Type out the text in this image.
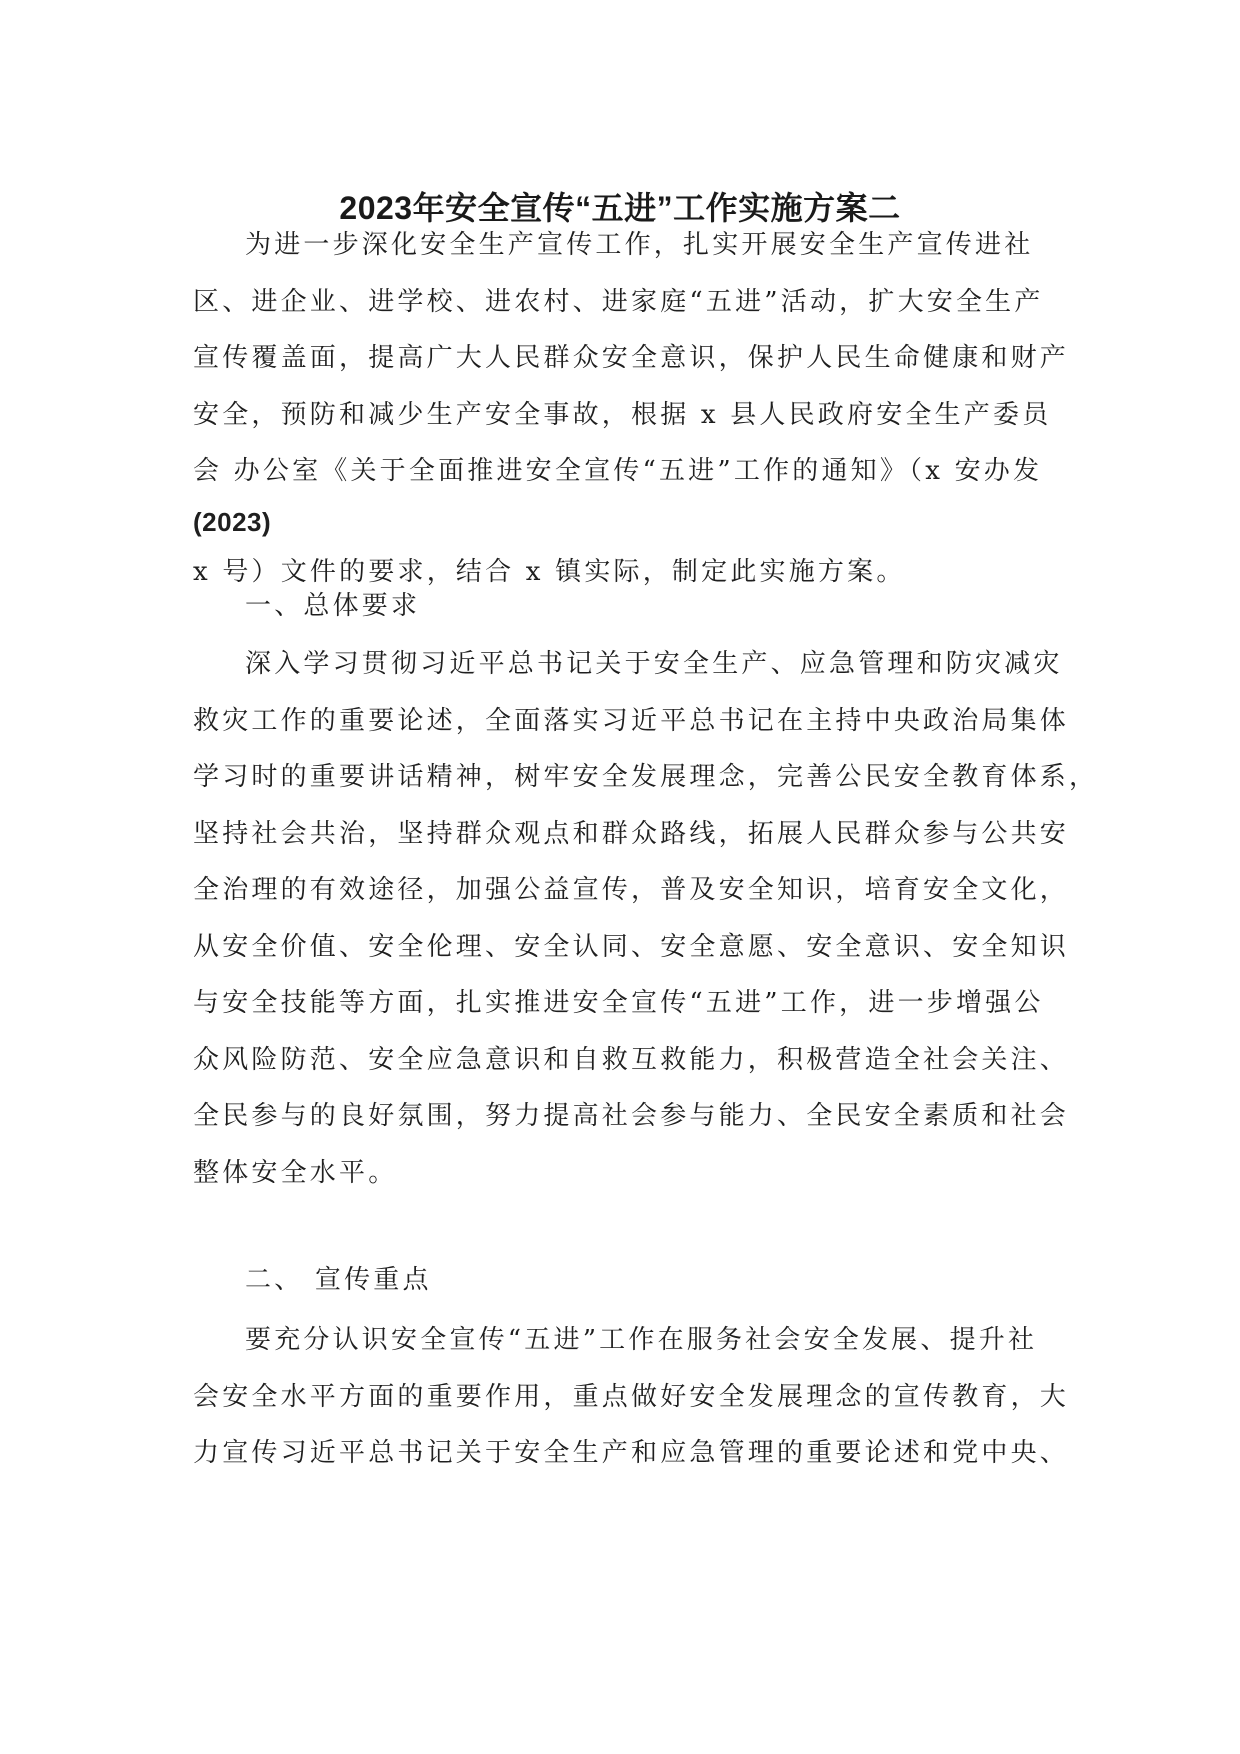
2023年安全宣传“五进”工作实施方案二
为进一步深化安全生产宣传工作，扎实开展安全生产宣传进社
区、进企业、进学校、进农村、进家庭“五进”活动，扩大安全生产
宣传覆盖面，提高广大人民群众安全意识，保护人民生命健康和财产
安全，预防和减少生产安全事故，根据 x 县人民政府安全生产委员
会 办公室《关于全面推进安全宣传“五进”工作的通知》（x 安办发
(2023)
x 号）文件的要求，结合 x 镇实际，制定此实施方案。
一、总体要求
深入学习贯彻习近平总书记关于安全生产、应急管理和防灾减灾
救灾工作的重要论述，全面落实习近平总书记在主持中央政治局集体
学习时的重要讲话精神，树牢安全发展理念，完善公民安全教育体系，
坚持社会共治，坚持群众观点和群众路线，拓展人民群众参与公共安
全治理的有效途径，加强公益宣传，普及安全知识，培育安全文化，
从安全价值、安全伦理、安全认同、安全意愿、安全意识、安全知识
与安全技能等方面，扎实推进安全宣传“五进”工作，进一步增强公
众风险防范、安全应急意识和自救互救能力，积极营造全社会关注、
全民参与的良好氛围，努力提高社会参与能力、全民安全素质和社会
整体安全水平。
二、 宣传重点
要充分认识安全宣传“五进”工作在服务社会安全发展、提升社
会安全水平方面的重要作用，重点做好安全发展理念的宣传教育，大
力宣传习近平总书记关于安全生产和应急管理的重要论述和党中央、
